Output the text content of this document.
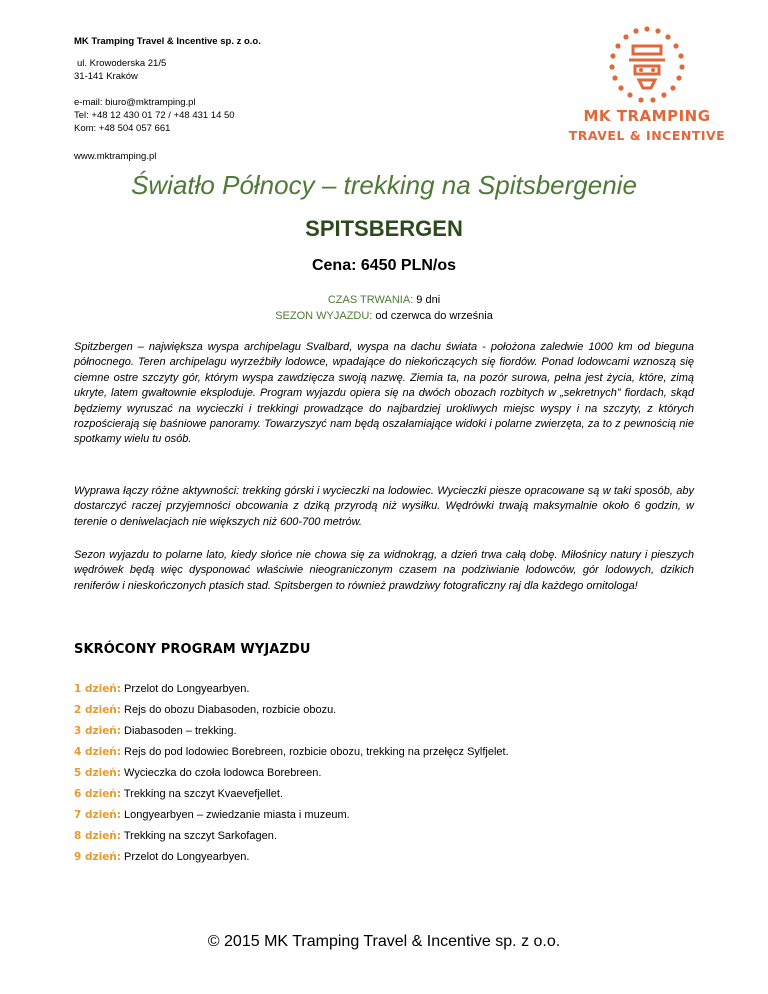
MK Tramping Travel & Incentive sp. z o.o.
ul. Krowoderska 21/5
31-141 Kraków
e-mail: biuro@mktramping.pl
Tel: +48 12 430 01 72 / +48 431 14 50
Kom: +48 504 057 661
www.mktramping.pl
MK TRAMPING
TRAVEL & INCENTIVE
Światło Północy – trekking na Spitsbergenie
SPITSBERGEN
Cena: 6450 PLN/os
CZAS TRWANIA: 9 dni
SEZON WYJAZDU: od czerwca do września
Spitzbergen – największa wyspa archipelagu Svalbard, wyspa na dachu świata - położona zaledwie 1000 km od bieguna północnego. Teren archipelagu wyrzeźbiły lodowce, wpadające do niekończących się fiordów. Ponad lodowcami wznoszą się ciemne ostre szczyty gór, którym wyspa zawdzięcza swoją nazwę. Ziemia ta, na pozór surowa, pełna jest życia, które, zimą ukryte, latem gwałtownie eksploduje. Program wyjazdu opiera się na dwóch obozach rozbitych w „sekretnych” fiordach, skąd będziemy wyruszać na wycieczki i trekkingi prowadzące do najbardziej urokliwych miejsc wyspy i na szczyty, z których rozpościerają się baśniowe panoramy. Towarzyszyć nam będą oszałamiające widoki i polarne zwierzęta, za to z pewnością nie spotkamy wielu tu osób.
Wyprawa łączy różne aktywności: trekking górski i wycieczki na lodowiec. Wycieczki piesze opracowane są w taki sposób, aby dostarczyć raczej przyjemności obcowania z dziką przyrodą niż wysiłku. Wędrówki trwają maksymalnie około 6 godzin, w terenie o deniwelacjach nie większych niż 600-700 metrów.
Sezon wyjazdu to polarne lato, kiedy słońce nie chowa się za widnokrąg, a dzień trwa całą dobę. Miłośnicy natury i pieszych wędrówek będą więc dysponować właściwie nieograniczonym czasem na podziwianie lodowców, gór lodowych, dzikich reniferów i nieskończonych ptasich stad. Spitsbergen to również prawdziwy fotograficzny raj dla każdego ornitologa!
SKRÓCONY PROGRAM WYJAZDU
1 dzień: Przelot do Longyearbyen.
2 dzień: Rejs do obozu Diabasoden, rozbicie obozu.
3 dzień: Diabasoden – trekking.
4 dzień: Rejs do pod lodowiec Borebreen, rozbicie obozu, trekking na przełęcz Sylfjelet.
5 dzień: Wycieczka do czoła lodowca Borebreen.
6 dzień: Trekking na szczyt Kvaevefjellet.
7 dzień: Longyearbyen – zwiedzanie miasta i muzeum.
8 dzień: Trekking na szczyt Sarkofagen.
9 dzień: Przelot do Longyearbyen.
© 2015 MK Tramping Travel & Incentive sp. z o.o.
